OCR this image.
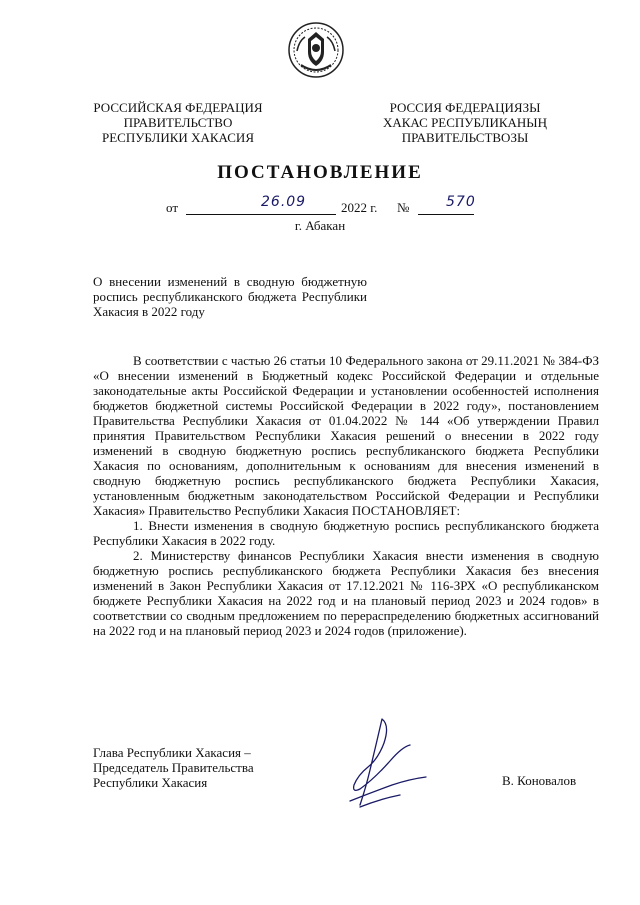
РОССИЙСКАЯ ФЕДЕРАЦИЯ
ПРАВИТЕЛЬСТВО
РЕСПУБЛИКИ ХАКАСИЯ
РОССИЯ ФЕДЕРАЦИЯЗЫ
ХАКАС РЕСПУБЛИКАНЫҢ
ПРАВИТЕЛЬСТВОЗЫ
ПОСТАНОВЛЕНИЕ
от	26.09	2022 г. №	570
г. Абакан
О внесении изменений в сводную бюджетную роспись республиканского бюджета Республики Хакасия в 2022 году

В соответствии с частью 26 статьи 10 Федерального закона от 29.11.2021 № 384-ФЗ «О внесении изменений в Бюджетный кодекс Российской Федерации и отдельные законодательные акты Российской Федерации и установлении особенностей исполнения бюджетов бюджетной системы Российской Федерации в 2022 году», постановлением Правительства Республики Хакасия от 01.04.2022 № 144 «Об утверждении Правил принятия Правительством Республики Хакасия решений о внесении в 2022 году изменений в сводную бюджетную роспись республиканского бюджета Республики Хакасия по основаниям, дополнительным к основаниям для внесения изменений в сводную бюджетную роспись республиканского бюджета Республики Хакасия, установленным бюджетным законодательством Российской Федерации и Республики Хакасия» Правительство Республики Хакасия ПОСТАНОВЛЯЕТ:

1. Внести изменения в сводную бюджетную роспись республиканского бюджета Республики Хакасия в 2022 году.

2. Министерству финансов Республики Хакасия внести изменения в сводную бюджетную роспись республиканского бюджета Республики Хакасия без внесения изменений в Закон Республики Хакасия от 17.12.2021 № 116-ЗРХ «О республиканском бюджете Республики Хакасия на 2022 год и на плановый период 2023 и 2024 годов» в соответствии со сводным предложением по перераспределению бюджетных ассигнований на 2022 год и на плановый период 2023 и 2024 годов (приложение).

Глава Республики Хакасия –
Председатель Правительства
Республики Хакасия	В. Коновалов
